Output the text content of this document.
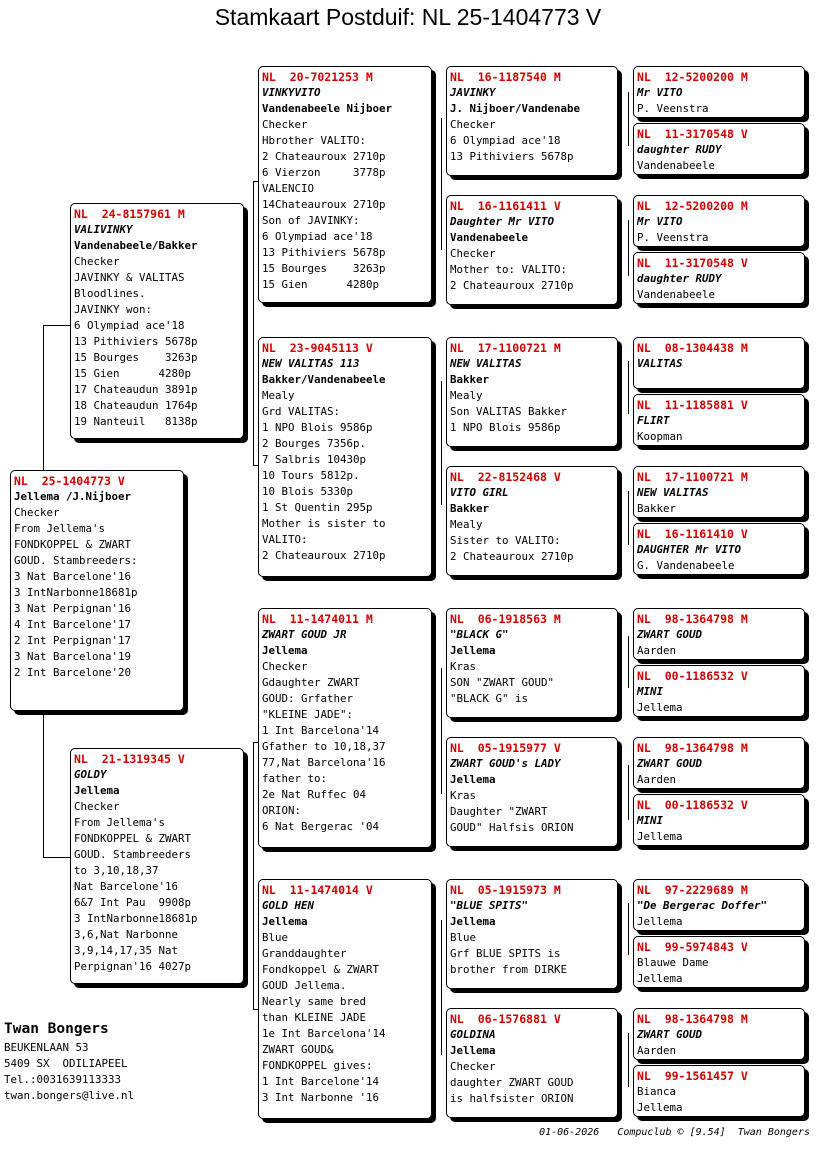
Stamkaart Postduif: NL 25-1404773 V
NL  25-1404773 V
Jellema /J.Nijboer
Checker
From Jellema's
FONDKOPPEL & ZWART
GOUD. Stambreeders:
3 Nat Barcelone'16
3 IntNarbonne18681p
3 Nat Perpignan'16
4 Int Barcelone'17
2 Int Perpignan'17
3 Nat Barcelona'19
2 Int Barcelone'20
NL  24-8157961 M
VALIVINKY
Vandenabeele/Bakker
Checker
JAVINKY & VALITAS
Bloodlines.
JAVINKY won:
6 Olympiad ace'18
13 Pithiviers 5678p
15 Bourges    3263p
15 Gien      4280p
17 Chateaudun 3891p
18 Chateaudun 1764p
19 Nanteuil   8138p
NL  21-1319345 V
GOLDY
Jellema
Checker
From Jellema's
FONDKOPPEL & ZWART
GOUD. Stambreeders
to 3,10,18,37
Nat Barcelone'16
6&7 Int Pau  9908p
3 IntNarbonne18681p
3,6,Nat Narbonne
3,9,14,17,35 Nat
Perpignan'16 4027p
NL  20-7021253 M
VINKYVITO
Vandenabeele Nijboer
Checker
Hbrother VALITO:
2 Chateauroux 2710p
6 Vierzon     3778p
VALENCIO
14Chateauroux 2710p
Son of JAVINKY:
6 Olympiad ace'18
13 Pithiviers 5678p
15 Bourges    3263p
15 Gien      4280p
NL  23-9045113 V
NEW VALITAS 113
Bakker/Vandenabeele
Mealy
Grd VALITAS:
1 NPO Blois 9586p
2 Bourges 7356p.
7 Salbris 10430p
10 Tours 5812p.
10 Blois 5330p
1 St Quentin 295p
Mother is sister to
VALITO:
2 Chateauroux 2710p
NL  11-1474011 M
ZWART GOUD JR
Jellema
Checker
Gdaughter ZWART
GOUD: Grfather
"KLEINE JADE":
1 Int Barcelona'14
Gfather to 10,18,37
77,Nat Barcelona'16
father to:
2e Nat Ruffec 04
ORION:
6 Nat Bergerac '04
NL  11-1474014 V
GOLD HEN
Jellema
Blue
Granddaughter
Fondkoppel & ZWART
GOUD Jellema.
Nearly same bred
than KLEINE JADE
1e Int Barcelona'14
ZWART GOUD&
FONDKOPPEL gives:
1 Int Barcelone'14
3 Int Narbonne '16
NL  16-1187540 M
JAVINKY
J. Nijboer/Vandenabe
Checker
6 Olympiad ace'18
13 Pithiviers 5678p
NL  16-1161411 V
Daughter Mr VITO
Vandenabeele
Checker
Mother to: VALITO:
2 Chateauroux 2710p
NL  17-1100721 M
NEW VALITAS
Bakker
Mealy
Son VALITAS Bakker
1 NPO Blois 9586p
NL  22-8152468 V
VITO GIRL
Bakker
Mealy
Sister to VALITO:
2 Chateauroux 2710p
NL  06-1918563 M
"BLACK G"
Jellema
Kras
SON "ZWART GOUD"
"BLACK G" is
NL  05-1915977 V
ZWART GOUD's LADY
Jellema
Kras
Daughter "ZWART
GOUD" Halfsis ORION
NL  05-1915973 M
"BLUE SPITS"
Jellema
Blue
Grf BLUE SPITS is
brother from DIRKE
NL  06-1576881 V
GOLDINA
Jellema
Checker
daughter ZWART GOUD
is halfsister ORION
NL  12-5200200 M
Mr VITO
P. Veenstra
NL  11-3170548 V
daughter RUDY
Vandenabeele
NL  12-5200200 M
Mr VITO
P. Veenstra
NL  11-3170548 V
daughter RUDY
Vandenabeele
NL  08-1304438 M
VALITAS
NL  11-1185881 V
FLIRT
Koopman
NL  17-1100721 M
NEW VALITAS
Bakker
NL  16-1161410 V
DAUGHTER Mr VITO
G. Vandenabeele
NL  98-1364798 M
ZWART GOUD
Aarden
NL  00-1186532 V
MINI
Jellema
NL  98-1364798 M
ZWART GOUD
Aarden
NL  00-1186532 V
MINI
Jellema
NL  97-2229689 M
"De Bergerac Doffer"
Jellema
NL  99-5974843 V
Blauwe Dame
Jellema
NL  98-1364798 M
ZWART GOUD
Aarden
NL  99-1561457 V
Bianca
Jellema
Twan Bongers
BEUKENLAAN 53
5409 SX  ODILIAPEEL
Tel.:0031639113333
twan.bongers@live.nl
01-06-2026   Compuclub © [9.54]  Twan Bongers
